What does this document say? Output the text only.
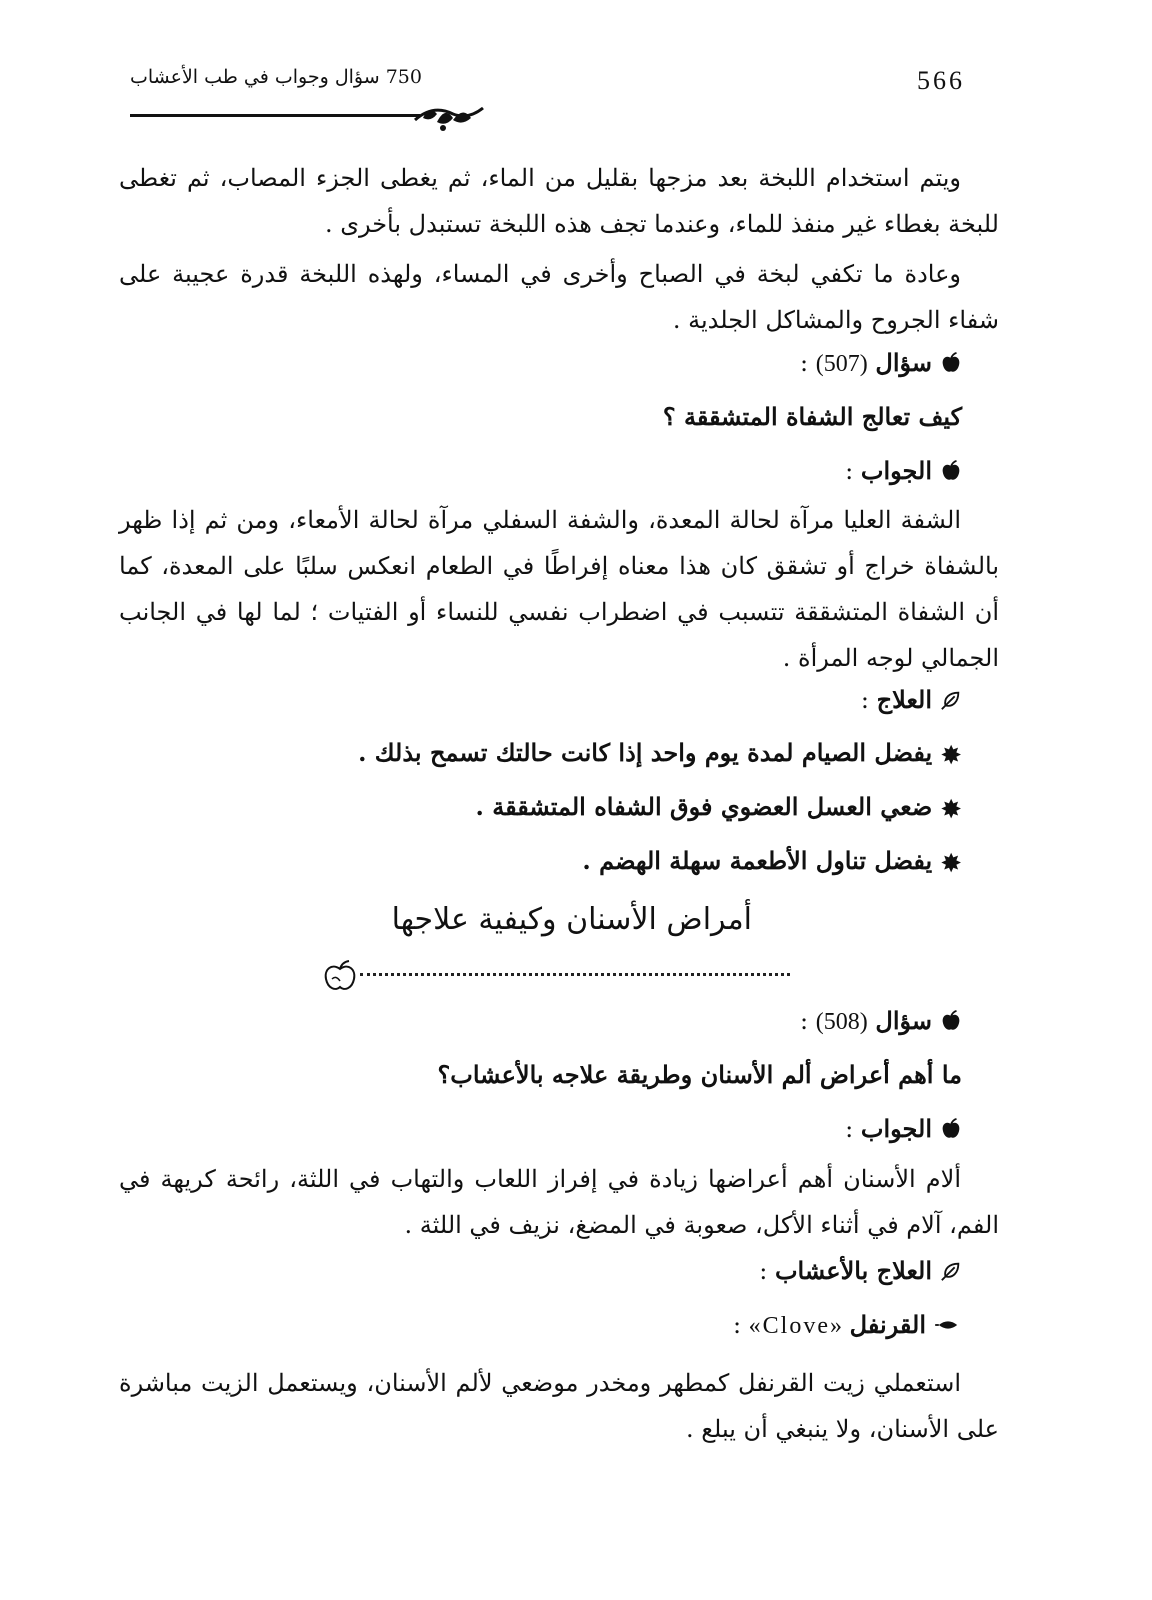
566
750 سؤال وجواب في طب الأعشاب
ويتم استخدام اللبخة بعد مزجها بقليل من الماء، ثم يغطى الجزء المصاب، ثم تغطى للبخة بغطاء غير منفذ للماء، وعندما تجف هذه اللبخة تستبدل بأخرى .
وعادة ما تكفي لبخة في الصباح وأخرى في المساء، ولهذه اللبخة قدرة عجيبة على شفاء الجروح والمشاكل الجلدية .
سؤال (507) :
كيف تعالج الشفاة المتشققة ؟
الجواب :
الشفة العليا مرآة لحالة المعدة، والشفة السفلي مرآة لحالة الأمعاء، ومن ثم إذا ظهر بالشفاة خراج أو تشقق كان هذا معناه إفراطًا في الطعام انعكس سلبًا على المعدة، كما أن الشفاة المتشققة تتسبب في اضطراب نفسي للنساء أو الفتيات ؛ لما لها في الجانب الجمالي لوجه المرأة .
العلاج :
✸يفضل الصيام لمدة يوم واحد إذا كانت حالتك تسمح بذلك .
✸ضعي العسل العضوي فوق الشفاه المتشققة .
✸يفضل تناول الأطعمة سهلة الهضم .
أمراض الأسنان وكيفية علاجها
سؤال (508) :
ما أهم أعراض ألم الأسنان وطريقة علاجه بالأعشاب؟
الجواب :
ألام الأسنان أهم أعراضها زيادة في إفراز اللعاب والتهاب في اللثة، رائحة كريهة في الفم، آلام في أثناء الأكل، صعوبة في المضغ، نزيف في اللثة .
العلاج بالأعشاب :
القرنفل «Clove» :
استعملي زيت القرنفل كمطهر ومخدر موضعي لألم الأسنان، ويستعمل الزيت مباشرة على الأسنان، ولا ينبغي أن يبلع .
